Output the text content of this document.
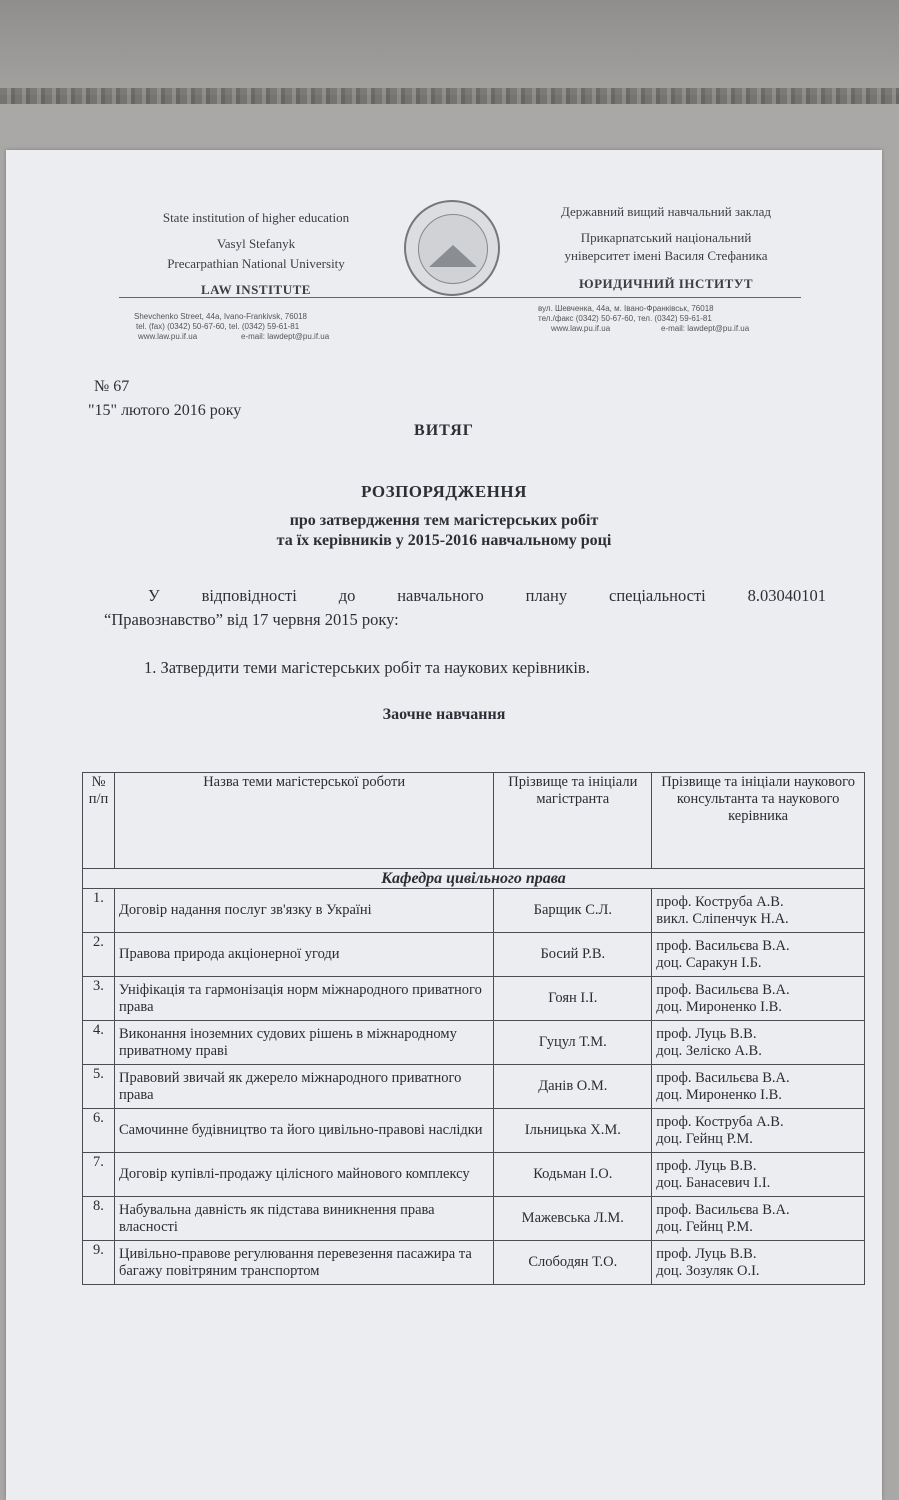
State institution of higher education
Vasyl Stefanyk
Precarpathian National University
LAW INSTITUTE
Державний вищий навчальний заклад
Прикарпатський національний
університет імені Василя Стефаника
ЮРИДИЧНИЙ ІНСТИТУТ
Shevchenko Street, 44a, Ivano-Frankivsk, 76018
tel. (fax) (0342) 50-67-60, tel. (0342) 59-61-81
www.law.pu.if.ua	e-mail: lawdept@pu.if.ua
вул. Шевченка, 44а, м. Івано-Франківськ, 76018
тел./факс (0342) 50-67-60, тел. (0342) 59-61-81
www.law.pu.if.ua	e-mail: lawdept@pu.if.ua
№ 67
"15" лютого 2016 року
ВИТЯГ
РОЗПОРЯДЖЕННЯ
про затвердження тем магістерських робіт
та їх керівників у 2015-2016 навчальному році
У відповідності до навчального плану спеціальності 8.03040101
“Правознавство” від 17 червня 2015 року:
1. Затвердити теми магістерських робіт та наукових керівників.
Заочне навчання
№ п/п	Назва теми магістерської роботи	Прізвище та ініціали магістранта	Прізвище та ініціали наукового консультанта та наукового керівника
Кафедра цивільного права			
1.	Договір надання послуг зв'язку в Україні	Барщик С.Л.	проф. Коструба А.В.
викл. Сліпенчук Н.А.

2.	Правова природа акціонерної угоди	Босий Р.В.	проф. Васильєва В.А.
доц. Саракун І.Б.

3.	Уніфікація та гармонізація норм міжнародного приватного права	Гоян І.І.	проф. Васильєва В.А.
доц. Мироненко І.В.

4.	Виконання іноземних судових рішень в міжнародному приватному праві	Гуцул Т.М.	проф. Луць В.В.
доц. Зеліско А.В.

5.	Правовий звичай як джерело міжнародного приватного права	Данів О.М.	проф. Васильєва В.А.
доц. Мироненко І.В.

6.	Самочинне будівництво та його цивільно-правові наслідки	Ільницька Х.М.	проф. Коструба А.В.
доц. Гейнц Р.М.

7.	Договір купівлі-продажу цілісного майнового комплексу	Кодьман І.О.	проф. Луць В.В.
доц. Банасевич І.І.

8.	Набувальна давність як підстава виникнення права власності	Мажевська Л.М.	проф. Васильєва В.А.
доц. Гейнц Р.М.

9.	Цивільно-правове регулювання перевезення пасажира та багажу повітряним транспортом	Слободян Т.О.	проф. Луць В.В.
доц. Зозуляк О.І.
